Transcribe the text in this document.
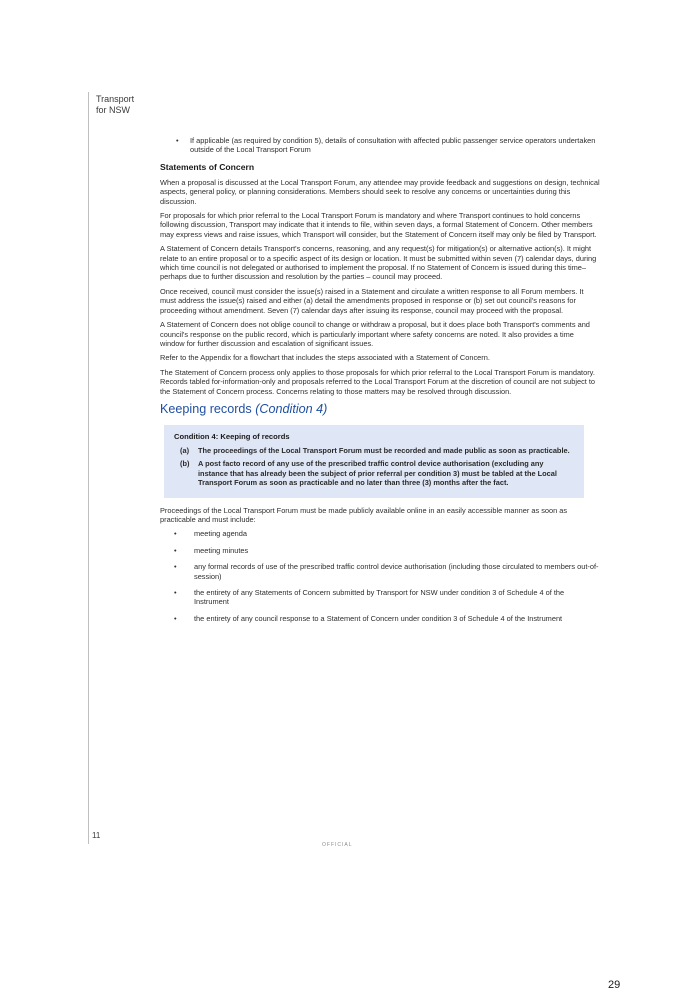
Transport
for NSW
• If applicable (as required by condition 5), details of consultation with affected public passenger service operators undertaken outside of the Local Transport Forum
Statements of Concern

When a proposal is discussed at the Local Transport Forum, any attendee may provide feedback and suggestions on design, technical aspects, general policy, or planning considerations. Members should seek to resolve any concerns or uncertainties during this discussion.

For proposals for which prior referral to the Local Transport Forum is mandatory and where Transport continues to hold concerns following discussion, Transport may indicate that it intends to file, within seven days, a formal Statement of Concern. Other members may express views and raise issues, which Transport will consider, but the Statement of Concern itself may only be filed by Transport.

A Statement of Concern details Transport's concerns, reasoning, and any request(s) for mitigation(s) or alternative action(s). It might relate to an entire proposal or to a specific aspect of its design or location. It must be submitted within seven (7) calendar days, during which time council is not delegated or authorised to implement the proposal. If no Statement of Concern is issued during this time– perhaps due to further discussion and resolution by the parties – council may proceed.

Once received, council must consider the issue(s) raised in a Statement and circulate a written response to all Forum members. It must address the issue(s) raised and either (a) detail the amendments proposed in response or (b) set out council's reasons for proceeding without amendment. Seven (7) calendar days after issuing its response, council may proceed with the proposal.

A Statement of Concern does not oblige council to change or withdraw a proposal, but it does place both Transport's comments and council's response on the public record, which is particularly important where safety concerns are noted. It also provides a time window for further discussion and escalation of significant issues.

Refer to the Appendix for a flowchart that includes the steps associated with a Statement of Concern.

The Statement of Concern process only applies to those proposals for which prior referral to the Local Transport Forum is mandatory. Records tabled for-information-only and proposals referred to the Local Transport Forum at the discretion of council are not subject to the Statement of Concern process. Concerns relating to those matters may be resolved through discussion.

Keeping records (Condition 4)
Condition 4: Keeping of records
(a) The proceedings of the Local Transport Forum must be recorded and made public as soon as practicable.
(b) A post facto record of any use of the prescribed traffic control device authorisation (excluding any instance that has already been the subject of prior referral per condition 3) must be tabled at the Local Transport Forum as soon as practicable and no later than three (3) months after the fact.

Proceedings of the Local Transport Forum must be made publicly available online in an easily accessible manner as soon as practicable and must include:

• meeting agenda
• meeting minutes
• any formal records of use of the prescribed traffic control device authorisation (including those circulated to members out-of-session)
• the entirety of any Statements of Concern submitted by Transport for NSW under condition 3 of Schedule 4 of the Instrument
• the entirety of any council response to a Statement of Concern under condition 3 of Schedule 4 of the Instrument
11
OFFICIAL
29
